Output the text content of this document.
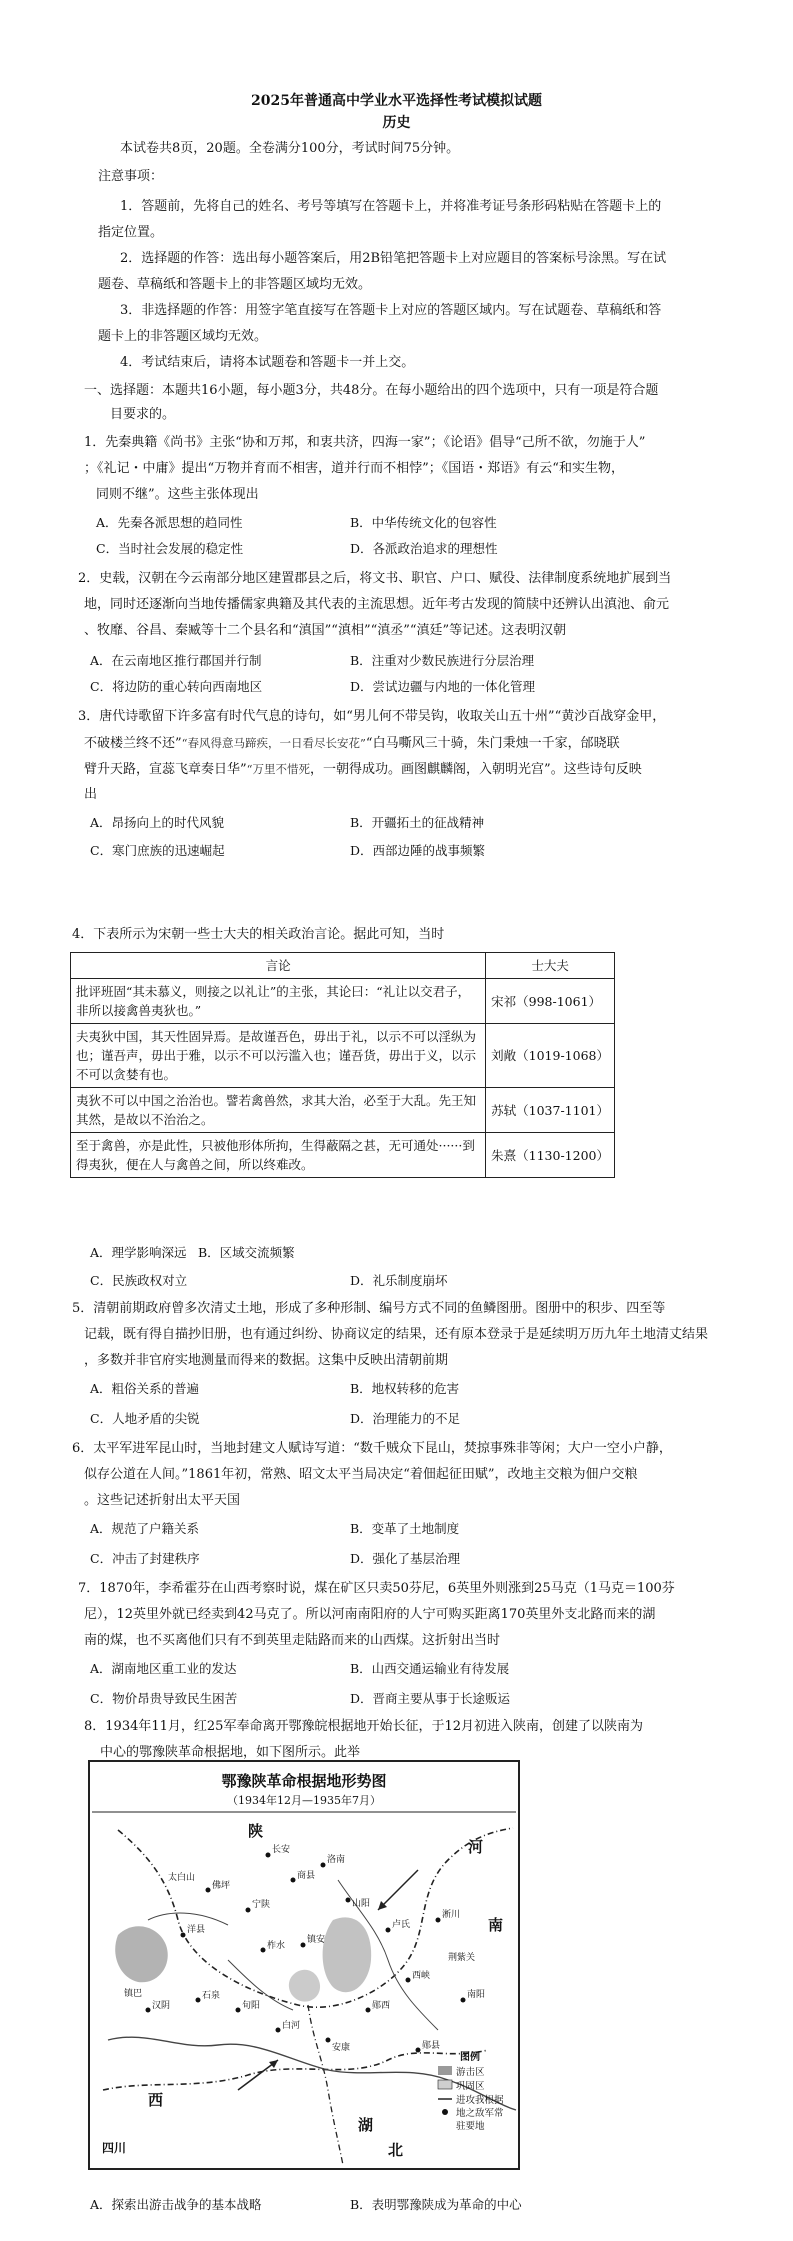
2025年普通高中学业水平选择性考试模拟试题
历史
本试卷共8页，20题。全卷满分100分，考试时间75分钟。
注意事项：
1．答题前，先将自己的姓名、考号等填写在答题卡上，并将准考证号条形码粘贴在答题卡上的
指定位置。
2．选择题的作答：选出每小题答案后，用2B铅笔把答题卡上对应题目的答案标号涂黑。写在试
题卷、草稿纸和答题卡上的非答题区域均无效。
3．非选择题的作答：用签字笔直接写在答题卡上对应的答题区域内。写在试题卷、草稿纸和答
题卡上的非答题区域均无效。
4．考试结束后，请将本试题卷和答题卡一并上交。
一、选择题：本题共16小题，每小题3分，共48分。在每小题给出的四个选项中，只有一项是符合题
目要求的。
1．先秦典籍《尚书》主张“协和万邦，和衷共济，四海一家”；《论语》倡导“己所不欲，勿施于人”
；《礼记・中庸》提出“万物并育而不相害，道并行而不相悖”；《国语・郑语》有云“和实生物，
同则不继”。这些主张体现出
A．先秦各派思想的趋同性	B．中华传统文化的包容性
C．当时社会发展的稳定性	D．各派政治追求的理想性
2．史载，汉朝在今云南部分地区建置郡县之后，将文书、职官、户口、赋役、法律制度系统地扩展到当
地，同时还逐渐向当地传播儒家典籍及其代表的主流思想。近年考古发现的简牍中还辨认出滇池、俞元
、牧靡、谷昌、秦臧等十二个县名和“滇国”“滇相”“滇丞”“滇廷”等记述。这表明汉朝
A．在云南地区推行郡国并行制	B．注重对少数民族进行分层治理
C．将边防的重心转向西南地区	D．尝试边疆与内地的一体化管理
3．唐代诗歌留下许多富有时代气息的诗句，如“男儿何不带吴钩，收取关山五十州”“黄沙百战穿金甲，
不破楼兰终不还”“春风得意马蹄疾，一日看尽长安花”“白马嘶风三十骑，朱门秉烛一千家，邰晓联
臂升天路，宣蕊飞章奏日华”“万里不惜死，一朝得成功。画图麒麟阁，入朝明光宫”。这些诗句反映
出
A．昂扬向上的时代风貌	B．开疆拓土的征战精神
C．寒门庶族的迅速崛起	D．西部边陲的战事频繁
4．下表所示为宋朝一些士大夫的相关政治言论。据此可知，当时
言论	士大夫
批评班固“其未慕义，则接之以礼让”的主张，其论曰：“礼让以交君子，非所以接禽兽夷狄也。”	宋祁（998-1061）
夫夷狄中国，其天性固异焉。是故谨吾色，毋出于礼，以示不可以淫纵为也；谨吾声，毋出于雅，以示不可以污滥入也；谨吾货，毋出于义，以示不可以贪婪有也。	刘敞（1019-1068）
夷狄不可以中国之治治也。譬若禽兽然，求其大治，必至于大乱。先王知其然，是故以不治治之。	苏轼（1037-1101）
至于禽兽，亦是此性，只被他形体所拘，生得蔽隔之甚，无可通处······到得夷狄，便在人与禽兽之间，所以终难改。	朱熹（1130-1200）
A．理学影响深远 B．区域交流频繁
C．民族政权对立	D．礼乐制度崩坏
5．清朝前期政府曾多次清丈土地，形成了多种形制、编号方式不同的鱼鳞图册。图册中的积步、四至等
记载，既有得自描抄旧册，也有通过纠纷、协商议定的结果，还有原本登录于是延续明万历九年土地清丈结果
，多数并非官府实地测量而得来的数据。这集中反映出清朝前期
A．粗俗关系的普遍	B．地权转移的危害
C．人地矛盾的尖锐	D．治理能力的不足
6．太平军进军昆山时，当地封建文人赋诗写道：“数千贼众下昆山，焚掠事殊非等闲；大户一空小户静，
似存公道在人间。”1861年初，常熟、昭文太平当局决定“着佃起征田赋”，改地主交粮为佃户交粮
。这些记述折射出太平天国
A．规范了户籍关系	B．变革了土地制度
C．冲击了封建秩序	D．强化了基层治理
7．1870年，李希霍芬在山西考察时说，煤在矿区只卖50芬尼，6英里外则涨到25马克（1马克＝100芬
尼），12英里外就已经卖到42马克了。所以河南南阳府的人宁可购买距离170英里外支北路而来的湖
南的煤，也不买离他们只有不到英里走陆路而来的山西煤。这折射出当时
A．湖南地区重工业的发达	B．山西交通运输业有待发展
C．物价昂贵导致民生困苦	D．晋商主要从事于长途贩运
8．1934年11月，红25军奉命离开鄂豫皖根据地开始长征，于12月初进入陕南，创建了以陕南为
中心的鄂豫陕革命根据地，如下图所示。此举
鄂豫陕革命根据地形势图
（1934年12月—1935年7月）
陕
西
河
南
湖
北
四川
长安
商县
山阳
洛南
卢氏
西峡
南阳
镇安
柞水
宁陕
安康
郧西
郧县
白河
旬阳
石泉
汉阴
佛坪
洋县
太白山
镇巴
淅川
荆紫关
图例
游击区
巩固区
进攻我根据
地之敌军常
驻要地
A．探索出游击战争的基本战略	B．表明鄂豫陕成为革命的中心
